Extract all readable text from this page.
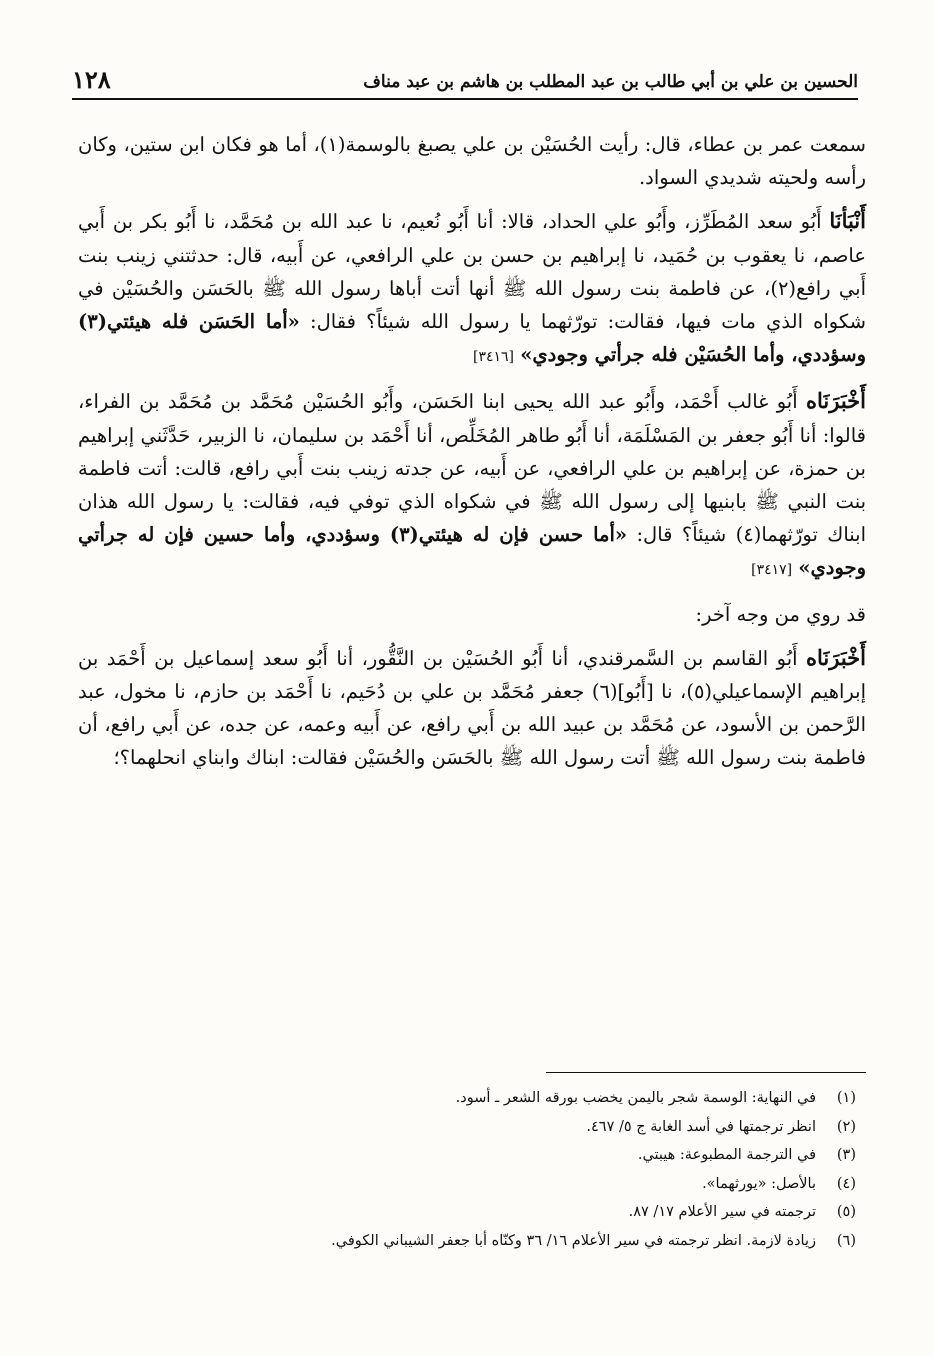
الحسين بن علي بن أبي طالب بن عبد المطلب بن هاشم بن عبد مناف
١٢٨

سمعت عمر بن عطاء، قال: رأيت الحُسَيْن بن علي يصبغ بالوسمة(١)، أما هو فكان ابن ستين، وكان رأسه ولحيته شديدي السواد.

أَنْبَأنَا أَبُو سعد المُطَرِّز، وأَبُو علي الحداد، قالا: أنا أَبُو نُعيم، نا عبد الله بن مُحَمَّد، نا أَبُو بكر بن أَبي عاصم، نا يعقوب بن حُمَيد، نا إبراهيم بن حسن بن علي الرافعي، عن أَبيه، قال: حدثتني زينب بنت أَبي رافع(٢)، عن فاطمة بنت رسول الله ﷺ أنها أتت أباها رسول الله ﷺ بالحَسَن والحُسَيْن في شكواه الذي مات فيها، فقالت: تورّثهما يا رسول الله شيئاً؟ فقال: «أما الحَسَن فله هيئتي(٣) وسؤددي، وأما الحُسَيْن فله جرأتي وجودي» [٣٤١٦]

أَخْبَرَنَاه أَبُو غالب أَحْمَد، وأَبُو عبد الله يحيى ابنا الحَسَن، وأَبُو الحُسَيْن مُحَمَّد بن مُحَمَّد بن الفراء، قالوا: أنا أَبُو جعفر بن المَسْلَمَة، أنا أَبُو طاهر المُخَلِّص، أنا أَحْمَد بن سليمان، نا الزبير، حَدَّثَني إبراهيم بن حمزة، عن إبراهيم بن علي الرافعي، عن أَبيه، عن جدته زينب بنت أَبي رافع، قالت: أتت فاطمة بنت النبي ﷺ بابنيها إلى رسول الله ﷺ في شكواه الذي توفي فيه، فقالت: يا رسول الله هذان ابناك تورّثهما(٤) شيئاً؟ قال: «أما حسن فإن له هيئتي(٣) وسؤددي، وأما حسين فإن له جرأتي وجودي» [٣٤١٧]

قد روي من وجه آخر:

أَخْبَرَنَاه أَبُو القاسم بن السَّمرقندي، أنا أَبُو الحُسَيْن بن النَّقُّور، أنا أَبُو سعد إسماعيل بن أَحْمَد بن إبراهيم الإسماعيلي(٥)، نا [أَبُو](٦) جعفر مُحَمَّد بن علي بن دُحَيم، نا أَحْمَد بن حازم، نا مخول، عبد الرَّحمن بن الأسود، عن مُحَمَّد بن عبيد الله بن أَبي رافع، عن أَبيه وعمه، عن جده، عن أَبي رافع، أن فاطمة بنت رسول الله ﷺ أتت رسول الله ﷺ بالحَسَن والحُسَيْن فقالت: ابناك وابناي انحلهما؟؛

(١)
في النهاية: الوسمة شجر باليمن يخضب بورقه الشعر ـ أسود.
(٢)
انظر ترجمتها في أسد الغابة ج ٥/ ٤٦٧.
(٣)
في الترجمة المطبوعة: هيبتي.
(٤)
بالأصل: «يورثهما».
(٥)
ترجمته في سير الأعلام ١٧/ ٨٧.
(٦)
زيادة لازمة. انظر ترجمته في سير الأعلام ١٦/ ٣٦ وكنّاه أبا جعفر الشيباني الكوفي.
